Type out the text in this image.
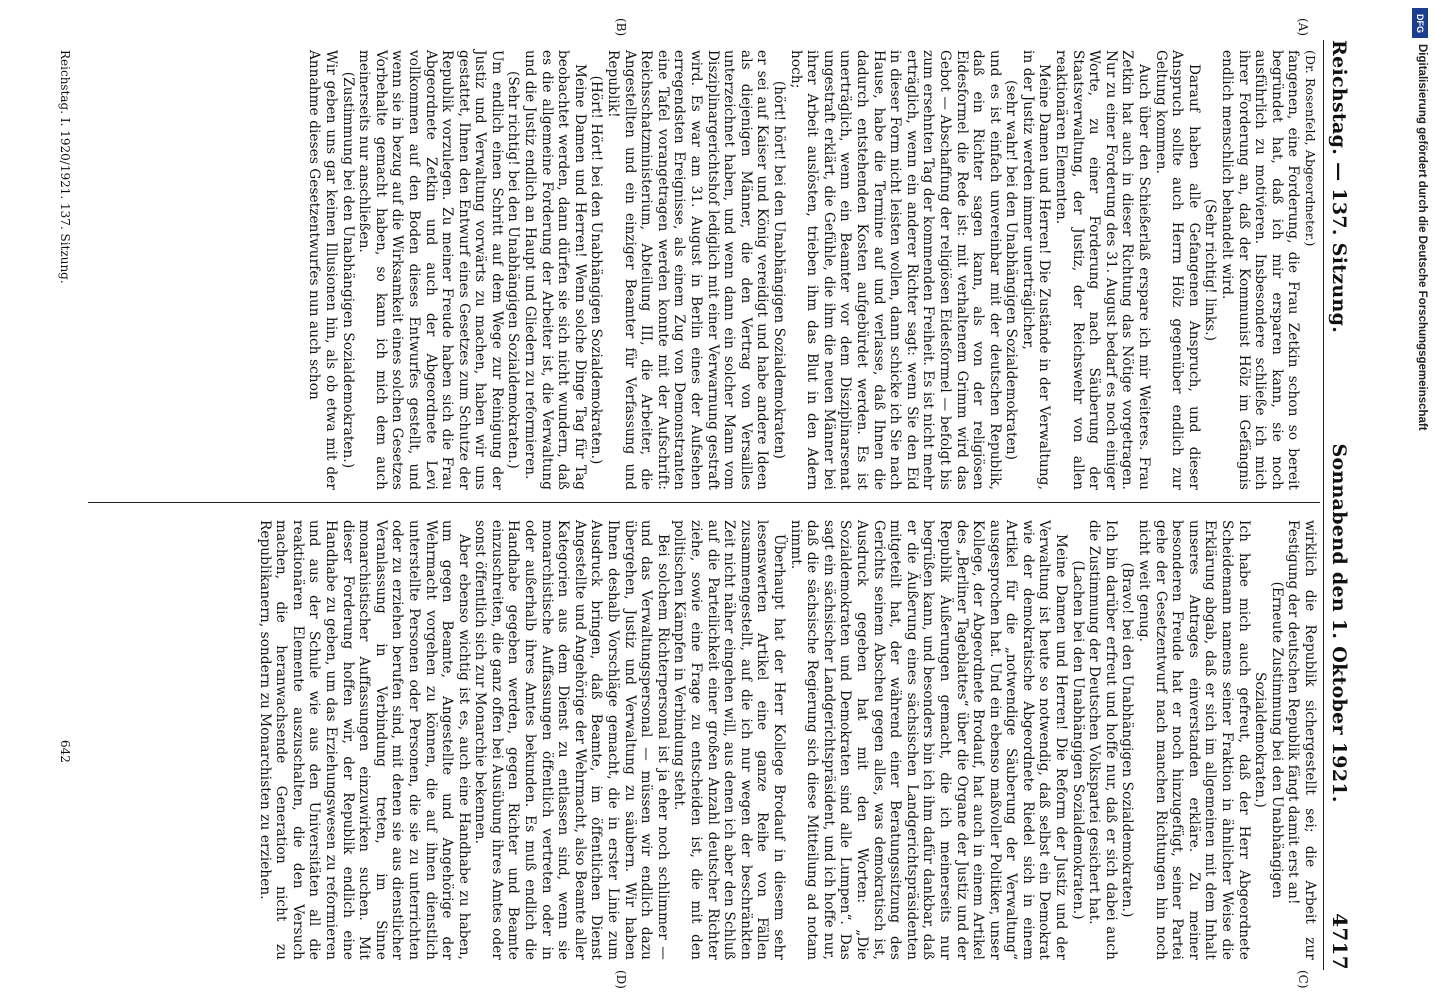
Reichstag. — 137. Sitzung.
Sonnabend den 1. Oktober 1921.
4717
(A)
(B)
(C)
(D)

(Dr. Rosenfeld, Abgeordneter.)

fangenen, eine Forderung, die Frau Zetkin schon so bereit begründet hat, daß ich mir ersparen kann, sie noch ausführlich zu motivieren. Insbesondere schließe ich mich ihrer Forderung an, daß der Kommunist Hölz im Gefängnis endlich menschlich behandelt wird.

(Sehr richtig! links.)

Darauf haben alle Gefangenen Anspruch, und dieser Anspruch sollte auch Herrn Hölz gegenüber endlich zur Geltung kommen.

Auch über den Schießerlaß erspare ich mir Weiteres. Frau Zetkin hat auch in dieser Richtung das Nötige vorgetragen. Nur zu einer Forderung des 31. August bedarf es noch einiger Worte, zu einer Forderung nach Säuberung der Staatsverwaltung, der Justiz, der Reichswehr von allen reaktionären Elementen.

Meine Damen und Herren! Die Zustände in der Verwaltung, in der Justiz werden immer unerträglicher,

(sehr wahr! bei den Unabhängigen Sozialdemokraten)

und es ist einfach unvereinbar mit der deutschen Republik, daß ein Richter sagen kann, als von der religiösen Eidesformel die Rede ist: mit verhaltenem Grimm wird das Gebot — Abschaffung der religiösen Eidesformel — befolgt bis zum ersehnten Tag der kommenden Freiheit. Es ist nicht mehr erträglich, wenn ein anderer Richter sagt: wenn Sie den Eid in dieser Form nicht leisten wollen, dann schicke ich Sie nach Hause, habe die Termine auf und verlasse, daß Ihnen die dadurch entstehenden Kosten aufgebürdet werden. Es ist unerträglich, wenn ein Beamter vor dem Disziplinarsenat ungestraft erklärt, die Gefühle, die ihm die neuen Männer bei ihrer Arbeit auslösten, trieben ihm das Blut in den Adern hoch;

(hört! hört! bei den Unabhängigen Sozialdemokraten)

er sei auf Kaiser und König vereidigt und habe andere Ideen als diejenigen Männer, die den Vertrag von Versailles unterzeichnet haben, und wenn dann ein solcher Mann vom Disziplinargerichtshof lediglich mit einer Verwarnung gestraft wird. Es war am 31. August in Berlin eines der Aufsehen erregendsten Ereignisse, als einem Zug von Demonstranten eine Tafel vorangetragen werden konnte mit der Aufschrift: Reichsschatzministerium, Abteilung III, die Arbeiter, die Angestellten und ein einziger Beamter für Verfassung und Republik!

(Hört! Hört! bei den Unabhängigen Sozialdemokraten.)

Meine Damen und Herren! Wenn solche Dinge Tag für Tag beobachtet werden, dann dürfen sie sich nicht wundern, daß es die allgemeine Forderung der Arbeiter ist, die Verwaltung und die Justiz endlich an Haupt und Gliedern zu reformieren.

(Sehr richtig! bei den Unabhängigen Sozialdemokraten.)

Um endlich einen Schritt auf dem Wege zur Reinigung der Justiz und Verwaltung vorwärts zu machen, haben wir uns gestattet, Ihnen den Entwurf eines Gesetzes zum Schutze der Republik vorzulegen. Zu meiner Freude haben sich die Frau Abgeordnete Zetkin und auch der Abgeordnete Levi vollkommen auf den Boden dieses Entwurfes gestellt, und wenn sie in bezug auf die Wirksamkeit eines solchen Gesetzes Vorbehalte gemacht haben, so kann ich mich dem auch meinerseits nur anschließen.

(Zustimmung bei den Unabhängigen Sozialdemokraten.)

Wir geben uns gar keinen Illusionen hin, als ob etwa mit der Annahme dieses Gesetzentwurfes nun auch schon

wirklich die Republik sichergestellt sei; die Arbeit zur Festigung der deutschen Republik fängt damit erst an!

(Erneute Zustimmung bei den Unabhängigen Sozialdemokraten.)

Ich habe mich auch gefreut, daß der Herr Abgeordnete Scheidemann namens seiner Fraktion in ähnlicher Weise die Erklärung abgab, daß er sich im allgemeinen mit dem Inhalt unseres Antrages einverstanden erkläre. Zu meiner besonderen Freude hat er noch hinzugefügt, seiner Partei gehe der Gesetzentwurf nach manchen Richtungen hin noch nicht weit genug.

(Bravo! bei den Unabhängigen Sozialdemokraten.)

Ich bin darüber erfreut und hoffe nur, daß er sich dabei auch die Zustimmung der Deutschen Volkspartei gesichert hat.

(Lachen bei den Unabhängigen Sozialdemokraten.)

Meine Damen und Herren! Die Reform der Justiz und der Verwaltung ist heute so notwendig, daß selbst ein Demokrat wie der demokratische Abgeordnete Riedel sich in einem Artikel für die „notwendige Säuberung der Verwaltung“ ausgesprochen hat. Und ein ebenso maßvoller Politiker, unser Kollege, der Abgeordnete Brodauf, hat auch in einem Artikel des „Berliner Tageblattes“ über die Organe der Justiz und der Republik Äußerungen gemacht, die ich meinerseits nur begrüßen kann, und besonders bin ich ihm dafür dankbar, daß er die Äußerung eines sächsischen Landgerichtspräsidenten mitgeteilt hat, der während einer Beratungssitzung des Gerichts seinem Abscheu gegen alles, was demokratisch ist, Ausdruck gegeben hat mit den Worten: „Die Sozialdemokraten und Demokraten sind alle Lumpen“. Das sagt ein sächsischer Landgerichtspräsident, und ich hoffe nur, daß die sächsische Regierung sich diese Mitteilung ad notam nimmt.

Überhaupt hat der Herr Kollege Brodauf in diesem sehr lesenswerten Artikel eine ganze Reihe von Fällen zusammengestellt, auf die ich nur wegen der beschränkten Zeit nicht näher eingehen will, aus denen ich aber den Schluß auf die Parteilichkeit einer großen Anzahl deutscher Richter ziehe, sowie eine Frage zu entscheiden ist, die mit den politischen Kämpfen in Verbindung steht.

Bei solchem Richterpersonal ist ja eher noch schlimmer — und das Verwaltungspersonal — müssen wir endlich dazu übergehen, Justiz und Verwaltung zu säubern. Wir haben Ihnen deshalb Vorschläge gemacht, die in erster Linie zum Ausdruck bringen, daß Beamte, im öffentlichen Dienst Angestellte und Angehörige der Wehrmacht, also Beamte aller Kategorien aus dem Dienst zu entlassen sind, wenn sie monarchistische Auffassungen öffentlich vertreten oder in oder außerhalb ihres Amtes bekunden. Es muß endlich die Handhabe gegeben werden, gegen Richter und Beamte einzuschreiten, die ganz offen bei Ausübung ihres Amtes oder sonst öffentlich sich zur Monarchie bekennen.

Aber ebenso wichtig ist es, auch eine Handhabe zu haben, um gegen Beamte, Angestellte und Angehörige der Wehrmacht vorgehen zu können, die auf ihnen dienstlich unterstellte Personen oder Personen, die sie zu unterrichten oder zu erziehen berufen sind, mit denen sie aus dienstlicher Veranlassung in Verbindung treten, im Sinne monarchistischer Auffassungen einzuwirken suchen. Mit dieser Forderung hoffen wir, der Republik endlich eine Handhabe zu geben, um das Erziehungswesen zu reformieren und aus der Schule wie aus den Universitäten all die reaktionären Elemente auszuschalten, die den Versuch machen, die heranwachsende Generation nicht zu Republikanern, sondern zu Monarchisten zu erziehen.

Reichstag. I. 1920/1921. 137. Sitzung.
642
DFG
Digitalisierung gefördert durch die Deutsche Forschungsgemeinschaft
